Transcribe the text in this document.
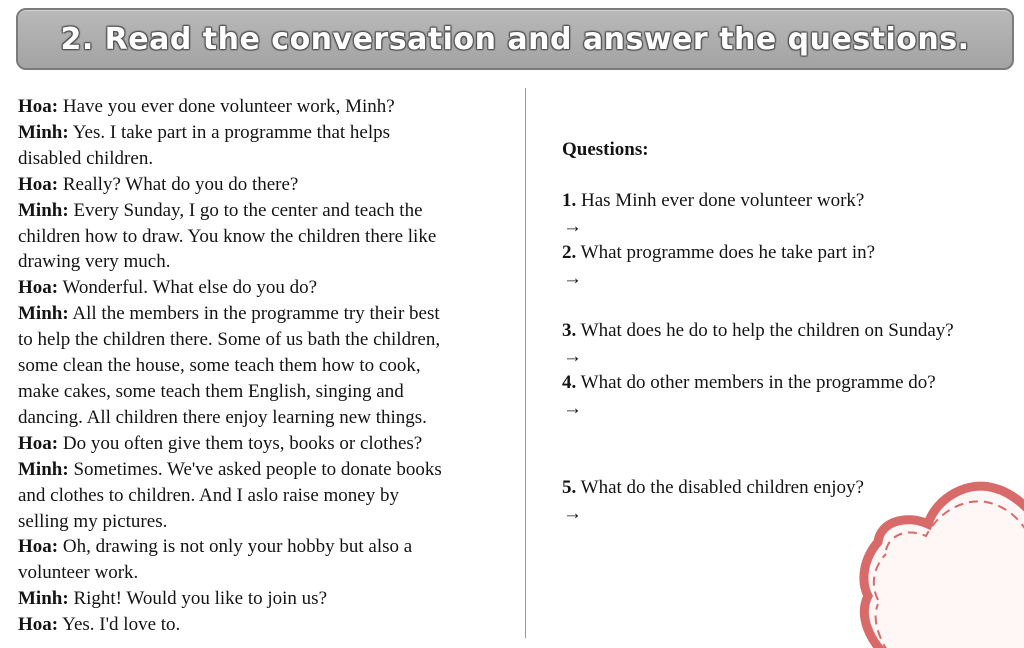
2. Read the conversation and answer the questions.
Hoa: Have you ever done volunteer work, Minh?
Minh: Yes. I take part in a programme that helps
disabled children.
Hoa: Really? What do you do there?
Minh: Every Sunday, I go to the center and teach the
children how to draw. You know the children there like
drawing very much.
Hoa: Wonderful. What else do you do?
Minh: All the members in the programme try their best
to help the children there. Some of us bath the children,
some clean the house, some teach them how to cook,
make cakes, some teach them English, singing and
dancing. All children there enjoy learning new things.
Hoa: Do you often give them toys, books or clothes?
Minh: Sometimes. We've asked people to donate books
and clothes to children. And I aslo raise money by
selling my pictures.
Hoa: Oh, drawing is not only your hobby but also a
volunteer work.
Minh: Right! Would you like to join us?
Hoa: Yes. I'd love to.
Questions:
1. Has Minh ever done volunteer work?
→
2. What programme does he take part in?
→
3. What does he do to help the children on Sunday?
→
4. What do other members in the programme do?
→
5. What do the disabled children enjoy?
→
